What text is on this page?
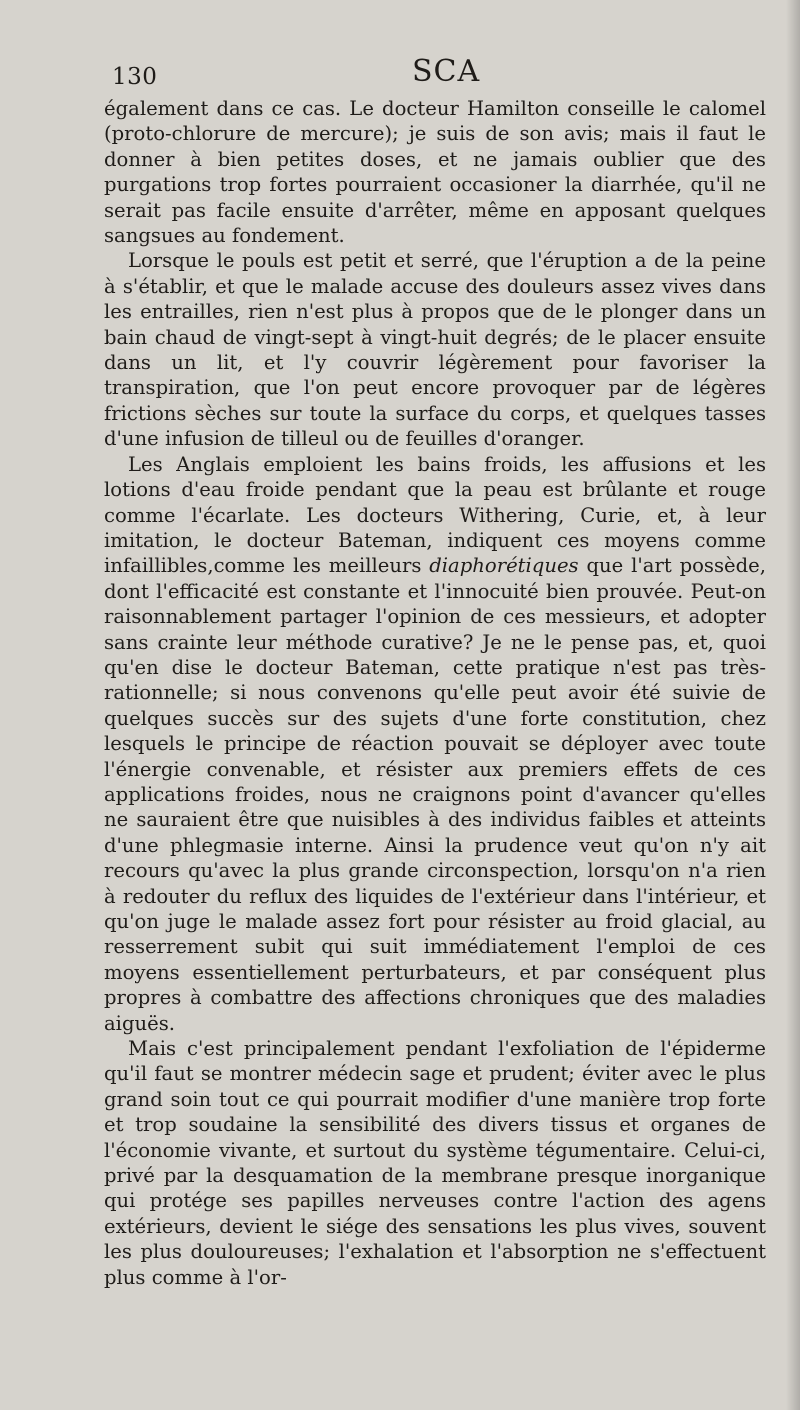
130	SCA

également dans ce cas. Le docteur Hamilton conseille le calomel (proto-chlorure de mercure); je suis de son avis; mais il faut le donner à bien petites doses, et ne jamais oublier que des purgations trop fortes pourraient occasioner la diarrhée, qu'il ne serait pas facile ensuite d'arrêter, même en apposant quelques sangsues au fondement.

Lorsque le pouls est petit et serré, que l'éruption a de la peine à s'établir, et que le malade accuse des douleurs assez vives dans les entrailles, rien n'est plus à propos que de le plonger dans un bain chaud de vingt-sept à vingt-huit degrés; de le placer ensuite dans un lit, et l'y couvrir légèrement pour favoriser la transpiration, que l'on peut encore provoquer par de légères frictions sèches sur toute la surface du corps, et quelques tasses d'une infusion de tilleul ou de feuilles d'oranger.

Les Anglais emploient les bains froids, les affusions et les lotions d'eau froide pendant que la peau est brûlante et rouge comme l'écarlate. Les docteurs Withering, Curie, et, à leur imitation, le docteur Bateman, indiquent ces moyens comme infaillibles,comme les meilleurs diaphorétiques que l'art possède, dont l'efficacité est constante et l'innocuité bien prouvée. Peut-on raisonnablement partager l'opinion de ces messieurs, et adopter sans crainte leur méthode curative? Je ne le pense pas, et, quoi qu'en dise le docteur Bateman, cette pratique n'est pas très-rationnelle; si nous convenons qu'elle peut avoir été suivie de quelques succès sur des sujets d'une forte constitution, chez lesquels le principe de réaction pouvait se déployer avec toute l'énergie convenable, et résister aux premiers effets de ces applications froides, nous ne craignons point d'avancer qu'elles ne sauraient être que nuisibles à des individus faibles et atteints d'une phlegmasie interne. Ainsi la prudence veut qu'on n'y ait recours qu'avec la plus grande circonspection, lorsqu'on n'a rien à redouter du reflux des liquides de l'extérieur dans l'intérieur, et qu'on juge le malade assez fort pour résister au froid glacial, au resserrement subit qui suit immédiatement l'emploi de ces moyens essentiellement perturbateurs, et par conséquent plus propres à combattre des affections chroniques que des maladies aiguës.

Mais c'est principalement pendant l'exfoliation de l'épiderme qu'il faut se montrer médecin sage et prudent; éviter avec le plus grand soin tout ce qui pourrait modifier d'une manière trop forte et trop soudaine la sensibilité des divers tissus et organes de l'économie vivante, et surtout du système tégumentaire. Celui-ci, privé par la desquamation de la membrane presque inorganique qui protége ses papilles nerveuses contre l'action des agens extérieurs, devient le siége des sensations les plus vives, souvent les plus douloureuses; l'exhalation et l'absorption ne s'effectuent plus comme à l'or-
